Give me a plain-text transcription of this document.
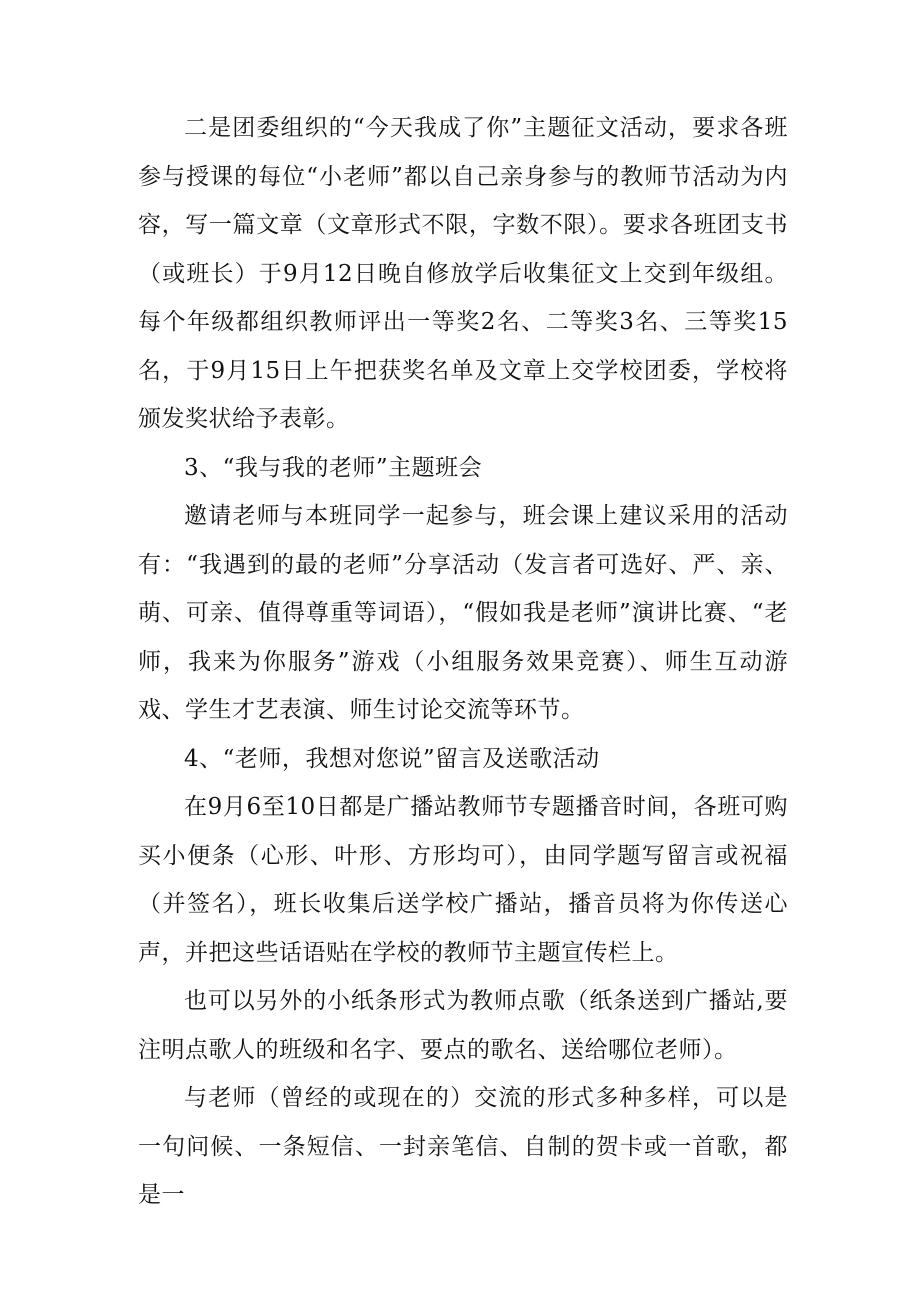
二是团委组织的“今天我成了你”主题征文活动，要求各班参与授课的每位“小老师”都以自己亲身参与的教师节活动为内容，写一篇文章（文章形式不限，字数不限）。要求各班团支书（或班长）于9月12日晚自修放学后收集征文上交到年级组。每个年级都组织教师评出一等奖2名、二等奖3名、三等奖15名，于9月15日上午把获奖名单及文章上交学校团委，学校将颁发奖状给予表彰。

3、“我与我的老师”主题班会

邀请老师与本班同学一起参与，班会课上建议采用的活动有：“我遇到的最的老师”分享活动（发言者可选好、严、亲、萌、可亲、值得尊重等词语），“假如我是老师”演讲比赛、“老师，我来为你服务”游戏（小组服务效果竞赛）、师生互动游戏、学生才艺表演、师生讨论交流等环节。

4、“老师，我想对您说”留言及送歌活动

在9月6至10日都是广播站教师节专题播音时间，各班可购买小便条（心形、叶形、方形均可），由同学题写留言或祝福（并签名），班长收集后送学校广播站，播音员将为你传送心声，并把这些话语贴在学校的教师节主题宣传栏上。

也可以另外的小纸条形式为教师点歌（纸条送到广播站,要注明点歌人的班级和名字、要点的歌名、送给哪位老师）。

与老师（曾经的或现在的）交流的形式多种多样，可以是一句问候、一条短信、一封亲笔信、自制的贺卡或一首歌，都是一
